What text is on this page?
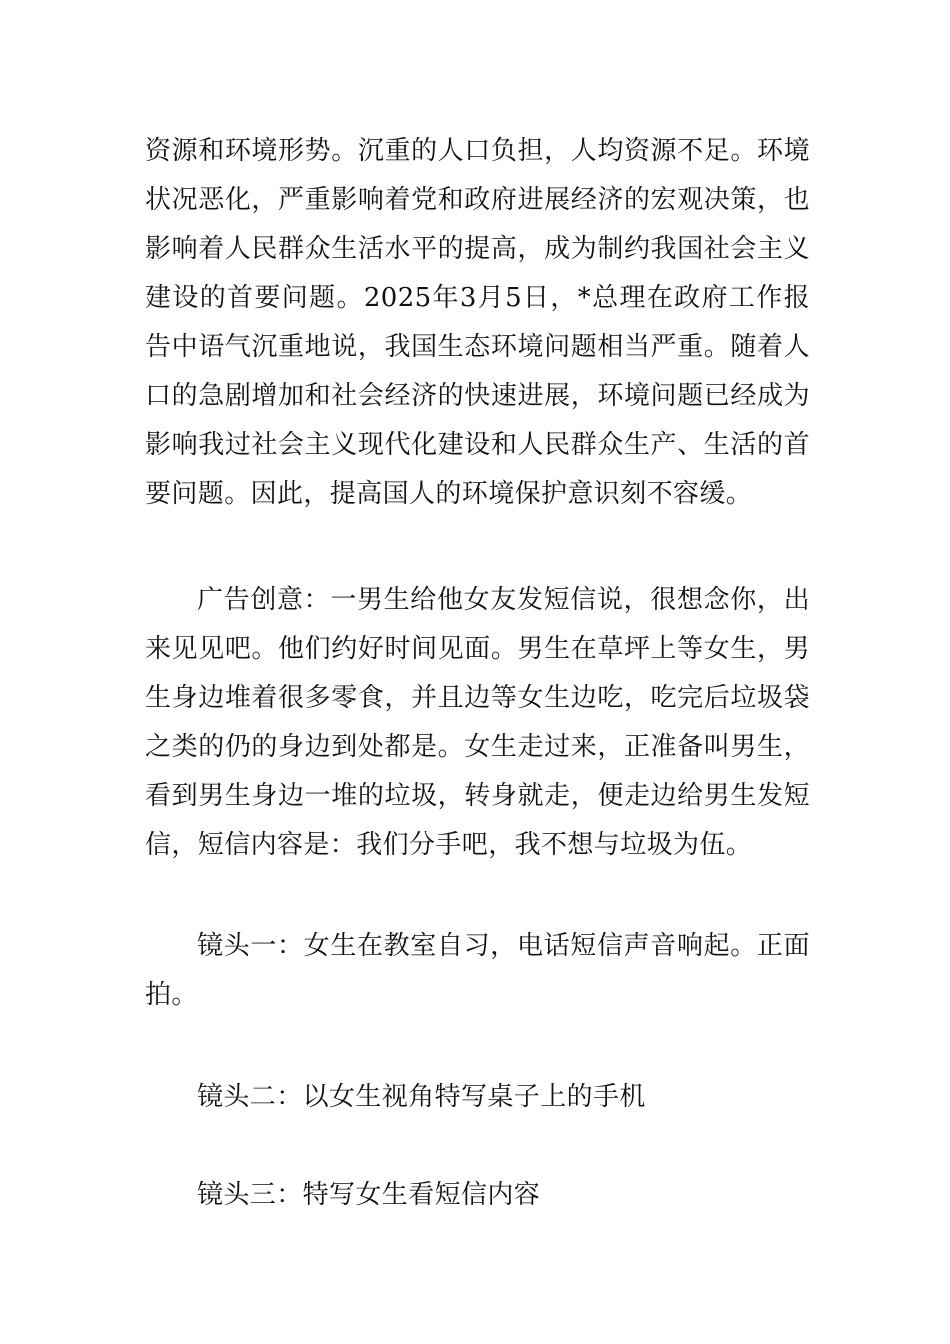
资源和环境形势。沉重的人口负担，人均资源不足。环境状况恶化，严重影响着党和政府进展经济的宏观决策，也影响着人民群众生活水平的提高，成为制约我国社会主义建设的首要问题。2025年3月5日，*总理在政府工作报告中语气沉重地说，我国生态环境问题相当严重。随着人口的急剧增加和社会经济的快速进展，环境问题已经成为影响我过社会主义现代化建设和人民群众生产、生活的首要问题。因此，提高国人的环境保护意识刻不容缓。

广告创意：一男生给他女友发短信说，很想念你，出来见见吧。他们约好时间见面。男生在草坪上等女生，男生身边堆着很多零食，并且边等女生边吃，吃完后垃圾袋之类的仍的身边到处都是。女生走过来，正准备叫男生，看到男生身边一堆的垃圾，转身就走，便走边给男生发短信，短信内容是：我们分手吧，我不想与垃圾为伍。

镜头一：女生在教室自习，电话短信声音响起。正面拍。

镜头二：以女生视角特写桌子上的手机

镜头三：特写女生看短信内容
